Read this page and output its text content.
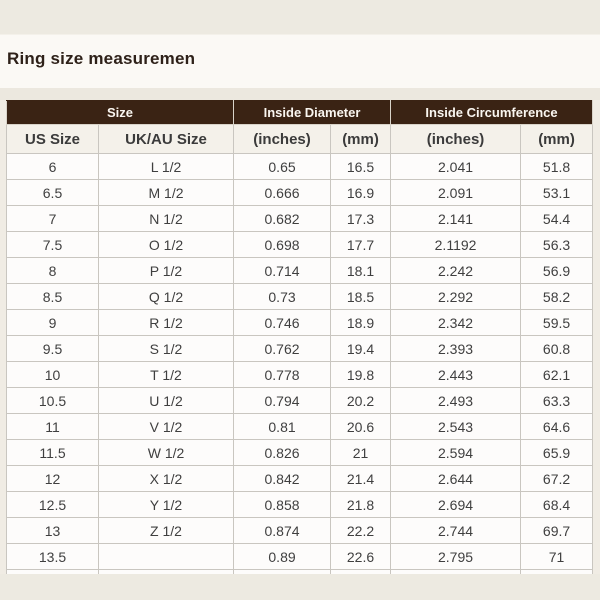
Ring size measuremen
Size		Inside Diameter		Inside Circumference	
US Size	UK/AU Size	(inches)	(mm)	(inches)	(mm)
6	L 1/2	0.65	16.5	2.041	51.8
6.5	M 1/2	0.666	16.9	2.091	53.1
7	N 1/2	0.682	17.3	2.141	54.4
7.5	O 1/2	0.698	17.7	2.1192	56.3
8	P 1/2	0.714	18.1	2.242	56.9
8.5	Q 1/2	0.73	18.5	2.292	58.2
9	R 1/2	0.746	18.9	2.342	59.5
9.5	S 1/2	0.762	19.4	2.393	60.8
10	T 1/2	0.778	19.8	2.443	62.1
10.5	U 1/2	0.794	20.2	2.493	63.3
11	V 1/2	0.81	20.6	2.543	64.6
11.5	W 1/2	0.826	21	2.594	65.9
12	X 1/2	0.842	21.4	2.644	67.2
12.5	Y 1/2	0.858	21.8	2.694	68.4
13	Z 1/2	0.874	22.2	2.744	69.7
13.5		0.89	22.6	2.795	71
